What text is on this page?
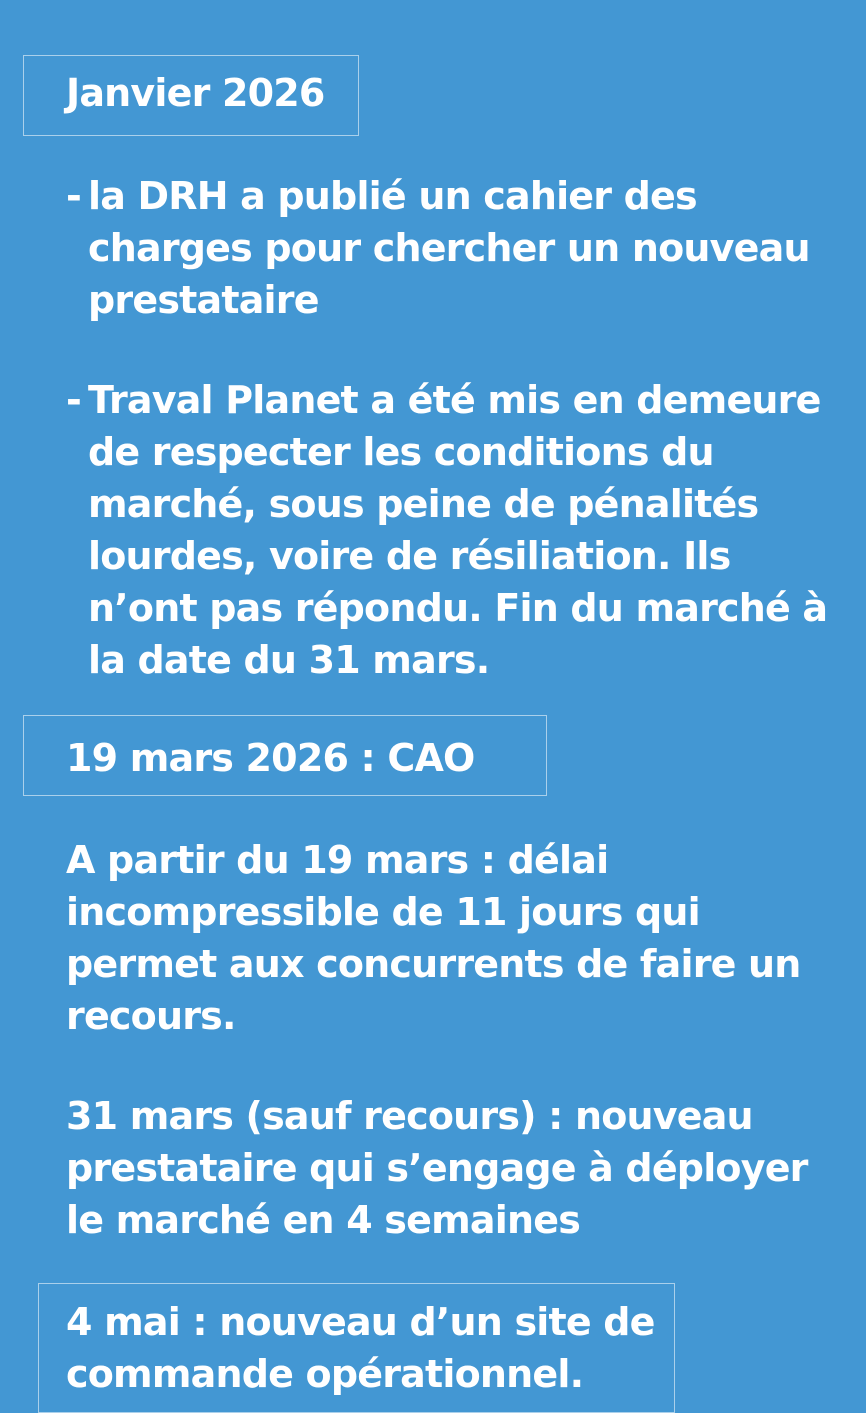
Janvier 2026
- la DRH a publié un cahier des
charges pour chercher un nouveau
prestataire
- Traval Planet a été mis en demeure
de respecter les conditions du
marché, sous peine de pénalités
lourdes, voire de résiliation. Ils
n’ont pas répondu. Fin du marché à
la date du 31 mars.
19 mars 2026 : CAO
A partir du 19 mars : délai
incompressible de 11 jours qui
permet aux concurrents de faire un
recours.
31 mars (sauf recours) : nouveau
prestataire qui s’engage à déployer
le marché en 4 semaines
4 mai : nouveau d’un site de
commande opérationnel.
